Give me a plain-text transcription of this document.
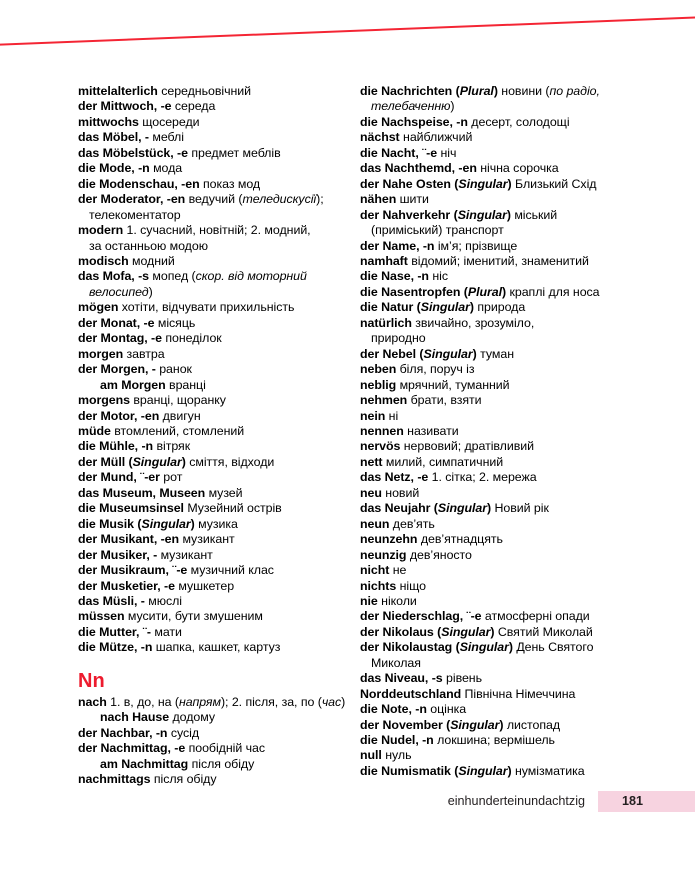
mittelalterlich середньовічний
der Mittwoch, -e середа
mittwochs щосереди
das Möbel, - меблі
das Möbelstück, -e предмет меблів
die Mode, -n мода
die Modenschau, -en показ мод
der Moderator, -en ведучий (теледискусії);
телекоментатор
modern 1. сучасний, новітній; 2. модний,
за останньою модою
modisch модний
das Mofa, -s мопед (скор. від моторний
велосипед)
mögen хотіти, відчувати прихильність
der Monat, -e місяць
der Montag, -e понеділок
morgen завтра
der Morgen, - ранок
am Morgen вранці
morgens вранці, щоранку
der Motor, -en двигун
müde втомлений, стомлений
die Mühle, -n вітряк
der Müll (Singular) сміття, відходи
der Mund, ¨-er рот
das Museum, Museen музей
die Museumsinsel Музейний острів
die Musik (Singular) музика
der Musikant, -en музикант
der Musiker, - музикант
der Musikraum, ¨-e музичний клас
der Musketier, -e мушкетер
das Müsli, - мюслі
müssen мусити, бути змушеним
die Mutter, ¨- мати
die Mütze, -n шапка, кашкет, картуз
Nn
nach 1. в, до, на (напрям); 2. після, за, по (час)
nach Hause додому
der Nachbar, -n сусід
der Nachmittag, -e пообідній час
am Nachmittag після обіду
nachmittags після обіду
die Nachrichten (Plural) новини (по радіо,
телебаченню)
die Nachspeise, -n десерт, солодощі
nächst найближчий
die Nacht, ¨-e ніч
das Nachthemd, -en нічна сорочка
der Nahe Osten (Singular) Близький Схід
nähen шити
der Nahverkehr (Singular) міський
(приміський) транспорт
der Name, -n ім’я; прізвище
namhaft відомий; іменитий, знаменитий
die Nase, -n ніс
die Nasentropfen (Plural) краплі для носа
die Natur (Singular) природа
natürlich звичайно, зрозуміло,
природно
der Nebel (Singular) туман
neben біля, поруч із
neblig мрячний, туманний
nehmen брати, взяти
nein ні
nennen називати
nervös нервовий; дратівливий
nett милий, симпатичний
das Netz, -e 1. сітка; 2. мережа
neu новий
das Neujahr (Singular) Новий рік
neun дев’ять
neunzehn дев’ятнадцять
neunzig дев’яносто
nicht не
nichts ніщо
nie ніколи
der Niederschlag, ¨-e атмосферні опади
der Nikolaus (Singular) Святий Миколай
der Nikolaustag (Singular) День Святого
Миколая
das Niveau, -s рівень
Norddeutschland Північна Німеччина
die Note, -n оцінка
der November (Singular) листопад
die Nudel, -n локшина; вермішель
null нуль
die Numismatik (Singular) нумізматика
einhunderteinundachtzig	181
